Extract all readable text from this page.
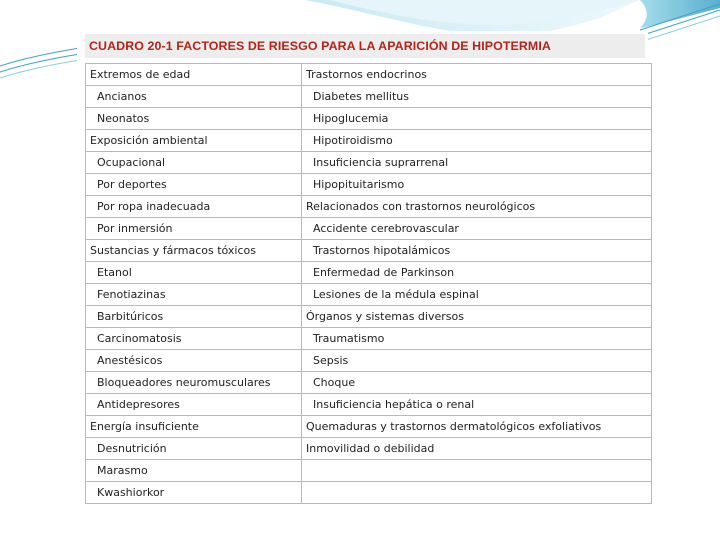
CUADRO 20-1 FACTORES DE RIESGO PARA LA APARICIÓN DE HIPOTERMIA
Extremos de edad	Trastornos endocrinos
Ancianos	Diabetes mellitus
Neonatos	Hipoglucemia
Exposición ambiental	Hipotiroidismo
Ocupacional	Insuficiencia suprarrenal
Por deportes	Hipopituitarismo
Por ropa inadecuada	Relacionados con trastornos neurológicos
Por inmersión	Accidente cerebrovascular
Sustancias y fármacos tóxicos	Trastornos hipotalámicos
Etanol	Enfermedad de Parkinson
Fenotiazinas	Lesiones de la médula espinal
Barbitúricos	Órganos y sistemas diversos
Carcinomatosis	Traumatismo
Anestésicos	Sepsis
Bloqueadores neuromusculares	Choque
Antidepresores	Insuficiencia hepática o renal
Energía insuficiente	Quemaduras y trastornos dermatológicos exfoliativos
Desnutrición	Inmovilidad o debilidad
Marasmo	
Kwashiorkor	
